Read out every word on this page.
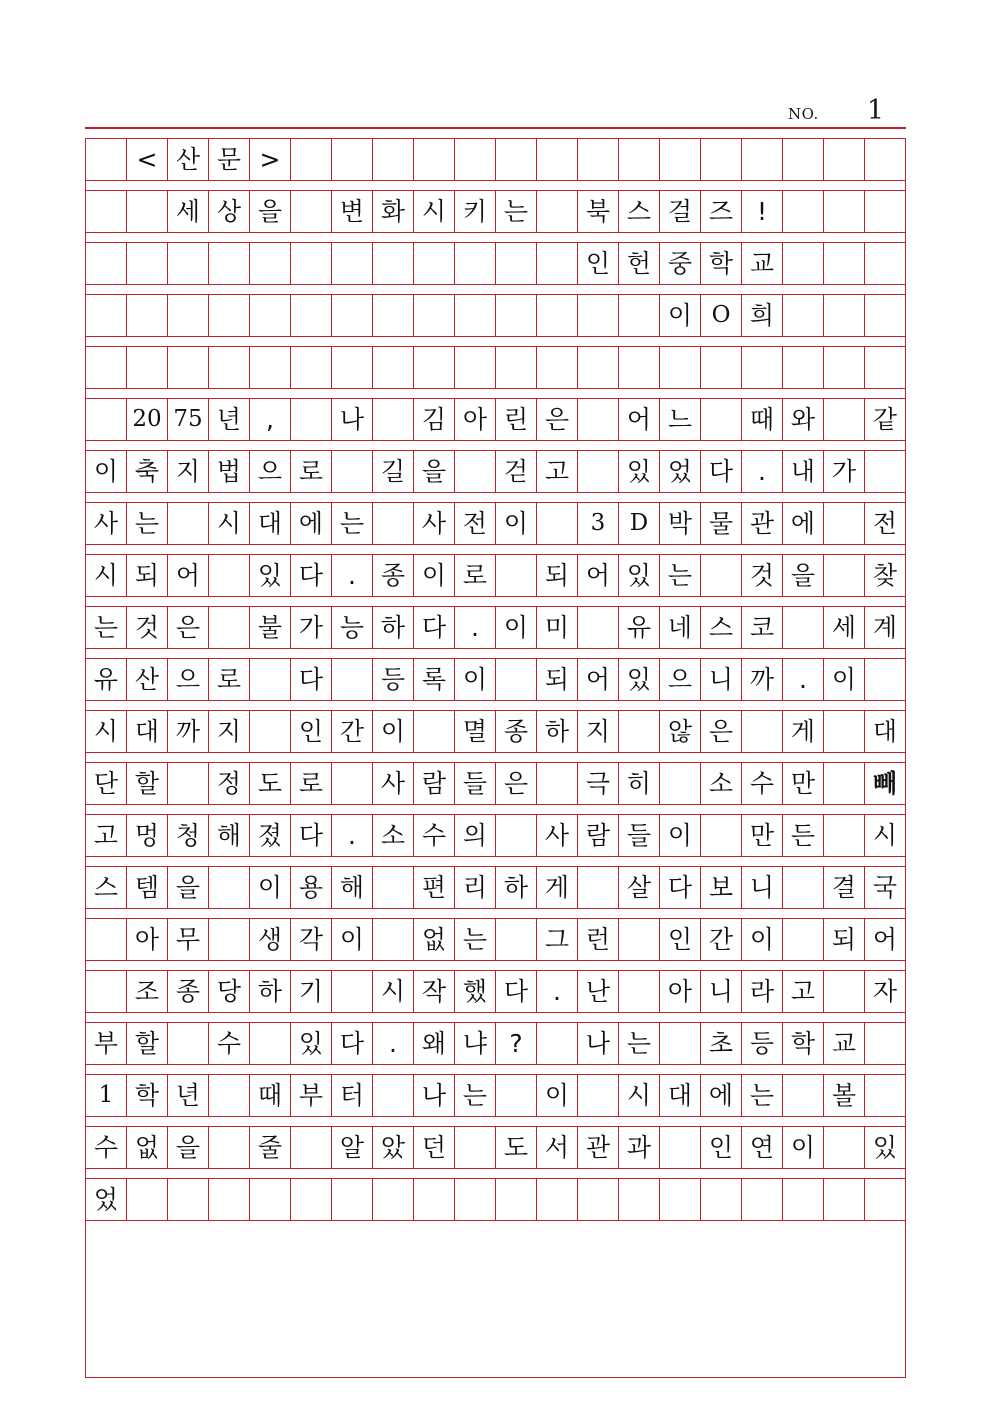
NO. 1
< 산 문 >
세 상 을	변 화 시 키 는	북 스 걸 즈 !
인 헌 중 학 교
이 O 희
20 75 년 ,	나	김 아 린 은	어 느	때 와	같
이 축 지 법 으 로	길 을	걷 고	있 었 다 . 내 가
사 는	시 대 에 는	사 전 이	3	D 박 물 관 에	전
시 되 어	있 다 . 종 이 로	되 어 있 는	것 을	찾
는 것 은	불 가 능 하 다 . 이 미	유 네 스 코	세 계
유 산 으 로	다	등 록 이	되 어 있 으 니 까 . 이
시 대 까 지	인 간 이	멸 종 하 지	않 은	게	대
단 할	정 도 로	사 람 들 은	극 히	소 수 만	빼
고 멍 청 해 졌 다 . 소 수 의	사 람 들 이	만 든	시
스 템 을	이 용 해	편 리 하 게	살 다 보 니	결 국
아 무	생 각 이	없 는	그 런	인 간 이	되 어
조 종 당 하 기	시 작 했 다 . 난	아 니 라 고	자
부 할	수	있 다 . 왜 냐 ?	나 는	초 등 학 교
1 학 년	때 부 터	나 는	이	시 대 에 는	볼
수 없 을	줄	알 았 던	도 서 관 과	인 연 이	있
었
